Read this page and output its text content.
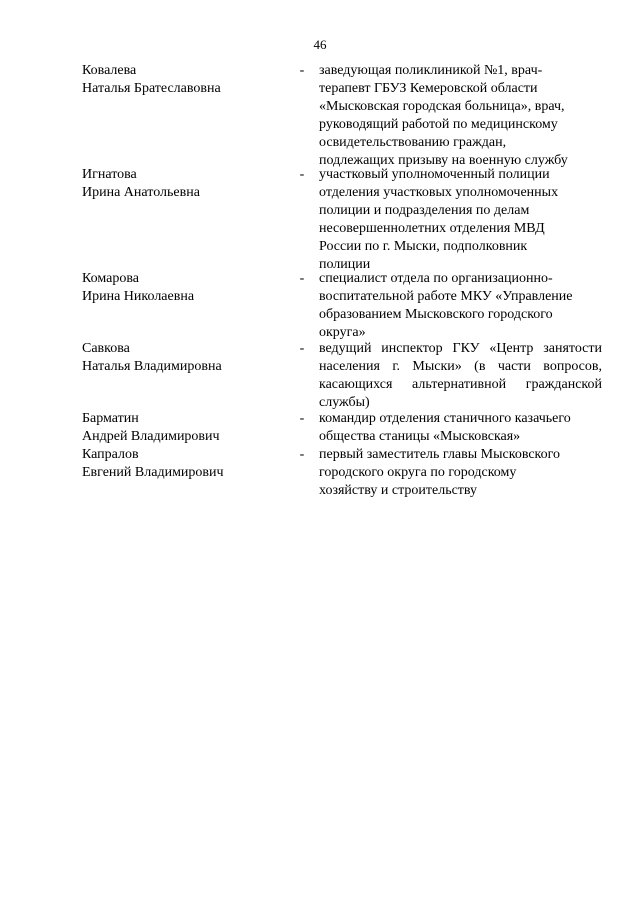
46
Ковалева
Наталья Братеславовна
-	заведующая поликлиникой №1, врач-
терапевт ГБУЗ Кемеровской области
«Мысковская городская больница», врач,
руководящий работой по медицинскому
освидетельствованию граждан,
подлежащих призыву на военную службу
Игнатова
Ирина Анатольевна
-	участковый уполномоченный полиции
отделения участковых уполномоченных
полиции и подразделения по делам
несовершеннолетних отделения МВД
России по г. Мыски, подполковник
полиции
Комарова
Ирина Николаевна
-	специалист отдела по организационно-
воспитательной работе МКУ «Управление
образованием Мысковского городского
округа»
Савкова
Наталья Владимировна
-	ведущий инспектор ГКУ «Центр занятости
населения г. Мыски» (в части вопросов,
касающихся альтернативной гражданской
службы)
Барматин
Андрей Владимирович
-	командир отделения станичного казачьего
общества станицы «Мысковская»
Капралов
Евгений Владимирович
-	первый заместитель главы Мысковского
городского округа по городскому
хозяйству и строительству
